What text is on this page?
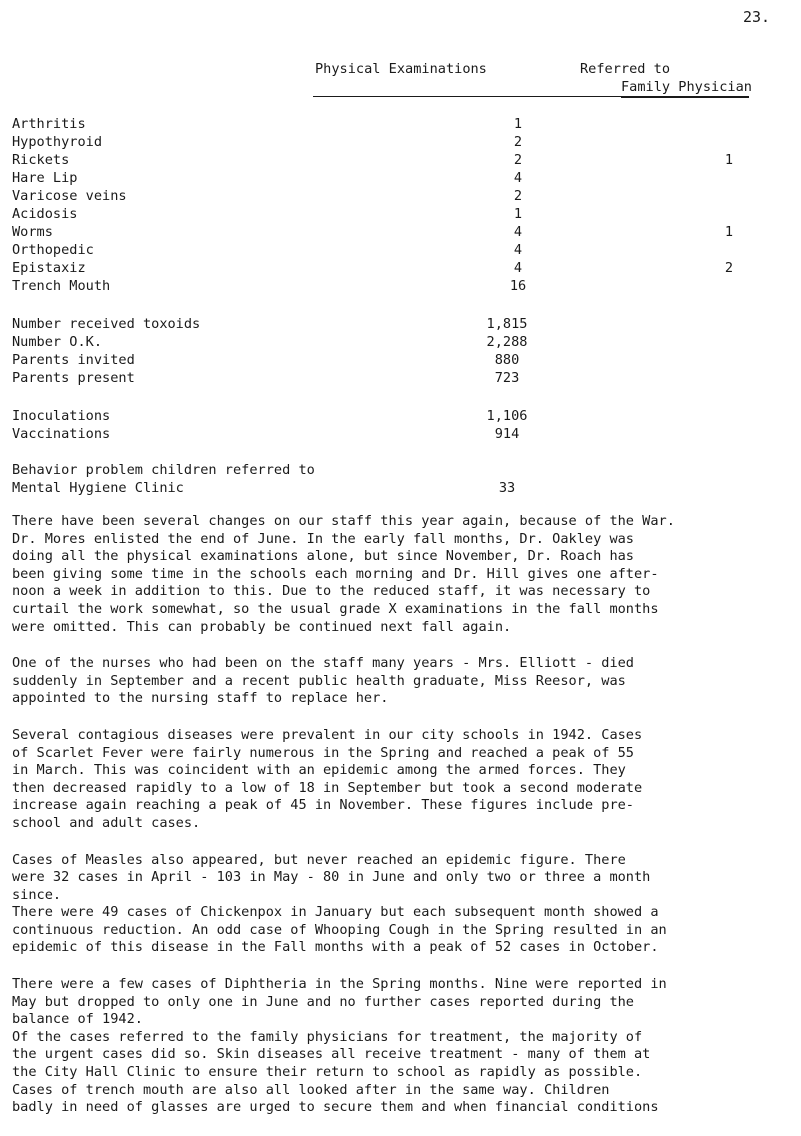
23.
Physical Examinations	Referred to
Family Physician
Arthritis	1
Hypothyroid	2
Rickets	2	1
Hare Lip	4
Varicose veins	2
Acidosis	1
Worms	4	1
Orthopedic	4
Epistaxiz	4	2
Trench Mouth	16
Number received toxoids	1,815
Number O.K.	2,288
Parents invited	880
Parents present	723
Inoculations	1,106
Vaccinations	914
Behavior problem children referred to
Mental Hygiene Clinic	33

There have been several changes on our staff this year again, because of the War.
Dr. Mores enlisted the end of June. In the early fall months, Dr. Oakley was
doing all the physical examinations alone, but since November, Dr. Roach has
been giving some time in the schools each morning and Dr. Hill gives one after-
noon a week in addition to this. Due to the reduced staff, it was necessary to
curtail the work somewhat, so the usual grade X examinations in the fall months
were omitted. This can probably be continued next fall again.

One of the nurses who had been on the staff many years - Mrs. Elliott - died
suddenly in September and a recent public health graduate, Miss Reesor, was
appointed to the nursing staff to replace her.

Several contagious diseases were prevalent in our city schools in 1942. Cases
of Scarlet Fever were fairly numerous in the Spring and reached a peak of 55
in March. This was coincident with an epidemic among the armed forces. They
then decreased rapidly to a low of 18 in September but took a second moderate
increase again reaching a peak of 45 in November. These figures include pre-
school and adult cases.

Cases of Measles also appeared, but never reached an epidemic figure. There
were 32 cases in April - 103 in May - 80 in June and only two or three a month
since.
There were 49 cases of Chickenpox in January but each subsequent month showed a
continuous reduction. An odd case of Whooping Cough in the Spring resulted in an
epidemic of this disease in the Fall months with a peak of 52 cases in October.

There were a few cases of Diphtheria in the Spring months. Nine were reported in
May but dropped to only one in June and no further cases reported during the
balance of 1942.
Of the cases referred to the family physicians for treatment, the majority of
the urgent cases did so. Skin diseases all receive treatment - many of them at
the City Hall Clinic to ensure their return to school as rapidly as possible.
Cases of trench mouth are also all looked after in the same way. Children
badly in need of glasses are urged to secure them and when financial conditions
